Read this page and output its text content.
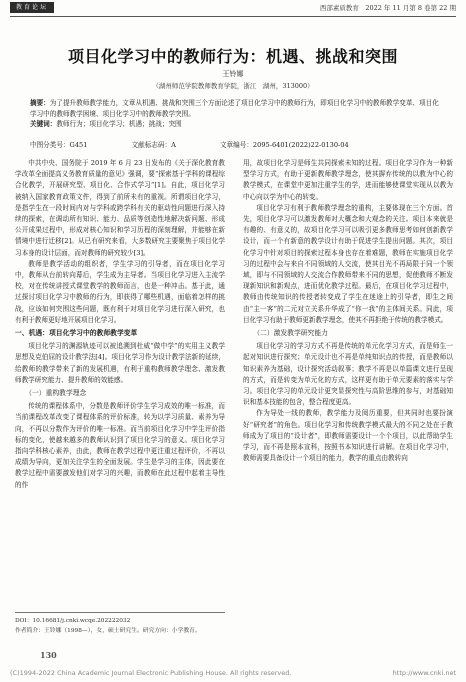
教育论坛	西部素质教育　2022 年 11 月第 8 卷第 22 期
项目化学习中的教师行为：机遇、挑战和突围
王铃娜
（湖州师范学院教师教育学院，浙江　湖州，313000）
摘要：为了提升教师教学能力，文章从机遇、挑战和突围三个方面论述了项目化学习中的教师行为，即项目化学习中的教师教学变革、项目化学习中的教师教学困境、项目化学习中的教师教学突围。
关键词：教师行为；项目化学习；机遇；挑战；突围
中图分类号：G451	文献标志码：A	文章编号：2095-6401(2022)22-0130-04

中共中央、国务院于 2019 年 6 月 23 日发布的《关于深化教育教学改革全面提高义务教育质量的意见》强调，要“探索基于学科的课程综合化教学，开展研究型、项目化、合作式学习”[1]。自此，项目化学习被纳入国家教育政策文件，得到了前所未有的重视。所谓项目化学习，是指学生在一段时间内对与学科或跨学科有关的驱动性问题进行深入持续的探索，在调动所有知识、能力、品质等创造性地解决新问题、形成公开成果过程中，形成对核心知识和学习历程的深刻理解，并能够在新情境中进行迁移[2]。从已有研究来看，大多数研究主要聚焦于项目化学习本身的设计层面，而对教师的研究较少[3]。

教师是教学活动的组织者，学生学习的引导者，而在项目化学习中，教师从台前转向幕后，学生成为主导者。当项目化学习进入主流学校，对在传统讲授式课堂教学的教师而言，也是一种冲击。基于此，通过探讨项目化学习中教师的行为，即获得了哪些机遇，面临着怎样的挑战，应该如何突围这些问题，既有利于对项目化学习进行深入研究，也有利于教师更好地开展项目化学习。

一、机遇：项目化学习中的教师教学变革

项目化学习的渊源轨迹可以被追溯到杜威“做中学”的实用主义教学思想及克伯屈的设计教学法[4]。项目化学习作为设计教学法新的延续，给教师的教学带来了新的发展机遇，有利于重构教师教学理念、激发教师教学研究能力、提升教师的效能感。

（一）重构教学理念

传统的课程体系中，分数是教师评价学生学习成效的唯一标准，而当前课程改革改变了课程体系的评价标准，转为以学习质量、素养为导向，不再以分数作为评价的唯一标准。而当前项目化学习中学生评价指标的变化，使越来越多的教师认识到了项目化学习的意义。项目化学习指向学科核心素养，由此，教师在教学过程中更注重过程评价，不再以成绩为导向，更加关注学生的全面发展。学生是学习的主体，因此要在教学过程中需要激发他们对学习的兴趣，而教师在此过程中起着主导性的作

用，故项目化学习是师生共同探索未知的过程。项目化学习作为一种新型学习方式，有助于更新教师教学理念，使其摒弃传统的以教为中心的教学模式，在课堂中更加注重学生的学，进而能够使课堂实现从以教为中心向以学为中心的转变。

项目化学习有利于教师教学理念的重构，主要体现在三个方面。首先，项目化学习可以激发教师对大概念和大观念的关注。项目本来就是有趣的、有意义的，故项目化学习可以吸引更多教师思考如何创新教学设计，而一个有新意的教学设计有助于促进学生提出问题。其次，项目化学习中针对项目的探索过程本身也存在着难题，教师在实施项目化学习的过程中会与来自不同领域的人交流，使其目光不再局限于同一个领域，即与不同领域的人交流合作教师带来不同的思想，促使教师不断发现新知识和新观点，进而优化教学过程。最后，在项目化学习过程中，教师由传统知识的传授者转变成了学生在迷途上的引导者，即生之间由“主一客”的二元对立关系升华成了“你一我”的主体间关系。同此，项目化学习有助于教师更新教学理念，使其不再拒绝于传统的教学模式。

（二）激发教学研究能力

项目化学习的学习方式不再是传统的单元化学习方式，而是师生一起对知识进行探究；单元设计也不再是单纯知识点的传授，而是教师以知识素养为基础，设计探究活动叙事；教学不再是以单篇课文进行呈现的方式，而是转变为单元化的方式，这样更有助于单元要素的落实与学习。项目化学习的单元设计更突显探究性与高阶思维的参与，对基础知识和基本技能的包含，整合程度更高。

作为导处一线的教师，教学能力及阅历重要，但其同时也要扮演好“研究者”的角色。项目化学习和传统教学模式最大的不同之处在于教师成为了项目的“设计者”，即教师需要设计一个个项目，以此帮助学生学习，而不再是照本宣科，按照书本知识进行讲解。在项目化学习中，教师需要具备设计一个项目的能力，教学的重点由教转向

DOI：10.16681/j.cnki.wcqe.202222032
作者简介：王铃娜（1998—），女，硕士研究生。研究方向：小学教育。
130
(C)1994-2022 China Academic Journal Electronic Publishing House. All rights reserved.	http://www.cnki.net
